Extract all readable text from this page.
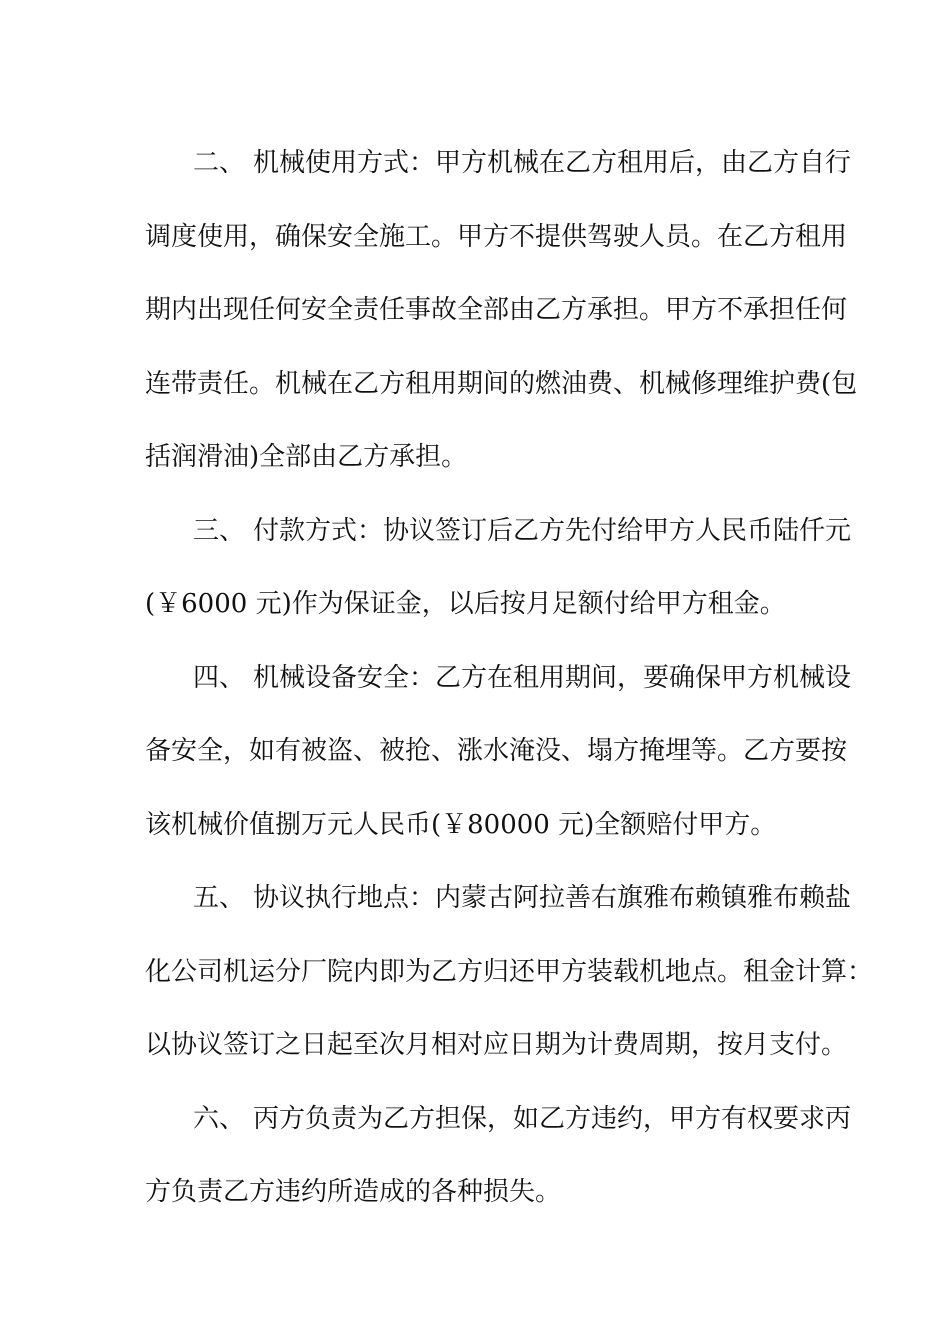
二、 机械使用方式：甲方机械在乙方租用后，由乙方自行
调度使用，确保安全施工。甲方不提供驾驶人员。在乙方租用
期内出现任何安全责任事故全部由乙方承担。甲方不承担任何
连带责任。机械在乙方租用期间的燃油费、机械修理维护费(包
括润滑油)全部由乙方承担。
三、 付款方式：协议签订后乙方先付给甲方人民币陆仟元
(￥6000 元)作为保证金，以后按月足额付给甲方租金。
四、 机械设备安全：乙方在租用期间，要确保甲方机械设
备安全，如有被盗、被抢、涨水淹没、塌方掩埋等。乙方要按
该机械价值捌万元人民币(￥80000 元)全额赔付甲方。
五、 协议执行地点：内蒙古阿拉善右旗雅布赖镇雅布赖盐
化公司机运分厂院内即为乙方归还甲方装载机地点。租金计算：
以协议签订之日起至次月相对应日期为计费周期，按月支付。
六、 丙方负责为乙方担保，如乙方违约，甲方有权要求丙
方负责乙方违约所造成的各种损失。
